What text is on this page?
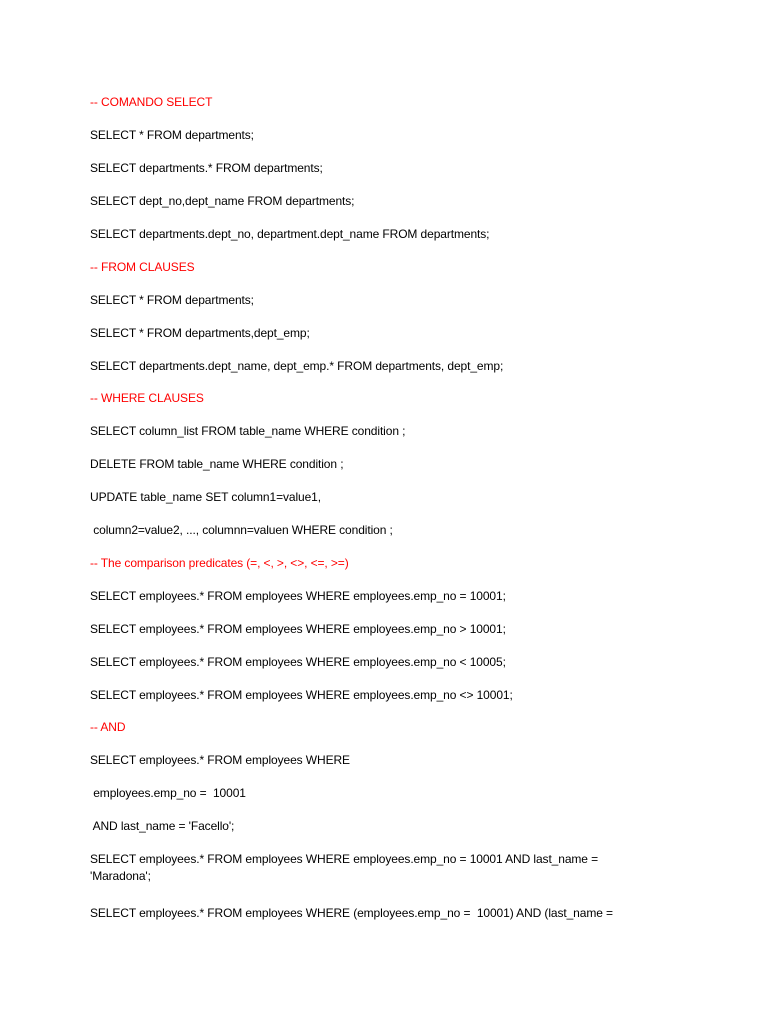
-- COMANDO SELECT
SELECT * FROM departments;
SELECT departments.* FROM departments;
SELECT dept_no,dept_name FROM departments;
SELECT departments.dept_no, department.dept_name FROM departments;
-- FROM CLAUSES
SELECT * FROM departments;
SELECT * FROM departments,dept_emp;
SELECT departments.dept_name, dept_emp.* FROM departments, dept_emp;
-- WHERE CLAUSES
SELECT column_list FROM table_name WHERE condition ;
DELETE FROM table_name WHERE condition ;
UPDATE table_name SET column1=value1,
column2=value2, ..., columnn=valuen WHERE condition ;
-- The comparison predicates (=, <, >, <>, <=, >=)
SELECT employees.* FROM employees WHERE employees.emp_no = 10001;
SELECT employees.* FROM employees WHERE employees.emp_no > 10001;
SELECT employees.* FROM employees WHERE employees.emp_no < 10005;
SELECT employees.* FROM employees WHERE employees.emp_no <> 10001;
-- AND
SELECT employees.* FROM employees WHERE
employees.emp_no =  10001
AND last_name = 'Facello';
SELECT employees.* FROM employees WHERE employees.emp_no = 10001 AND last_name = 'Maradona';
SELECT employees.* FROM employees WHERE (employees.emp_no =  10001) AND (last_name =
